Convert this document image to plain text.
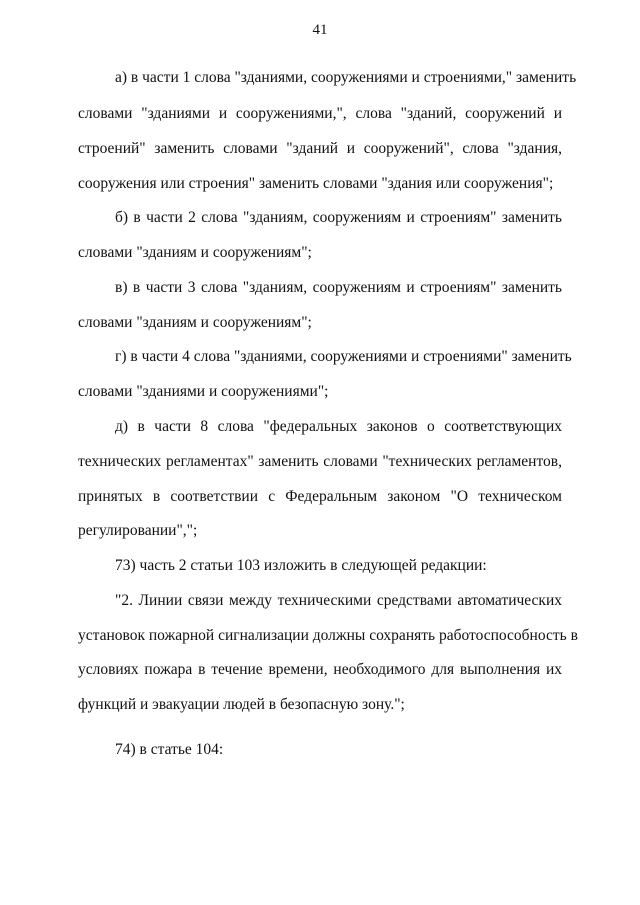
41
а) в части 1 слова "зданиями, сооружениями и строениями," заменить
словами "зданиями и сооружениями,", слова "зданий, сооружений и
строений" заменить словами "зданий и сооружений", слова "здания,
сооружения или строения" заменить словами "здания или сооружения";
б) в части 2 слова "зданиям, сооружениям и строениям" заменить
словами "зданиям и сооружениям";
в) в части 3 слова "зданиям, сооружениям и строениям" заменить
словами "зданиям и сооружениям";
г) в части 4 слова "зданиями, сооружениями и строениями" заменить
словами "зданиями и сооружениями";
д) в части 8 слова "федеральных законов о соответствующих
технических регламентах" заменить словами "технических регламентов,
принятых в соответствии с Федеральным законом "О техническом
регулировании",";
73) часть 2 статьи 103 изложить в следующей редакции:
"2. Линии связи между техническими средствами автоматических
установок пожарной сигнализации должны сохранять работоспособность в
условиях пожара в течение времени, необходимого для выполнения их
функций и эвакуации людей в безопасную зону.";
74) в статье 104:
